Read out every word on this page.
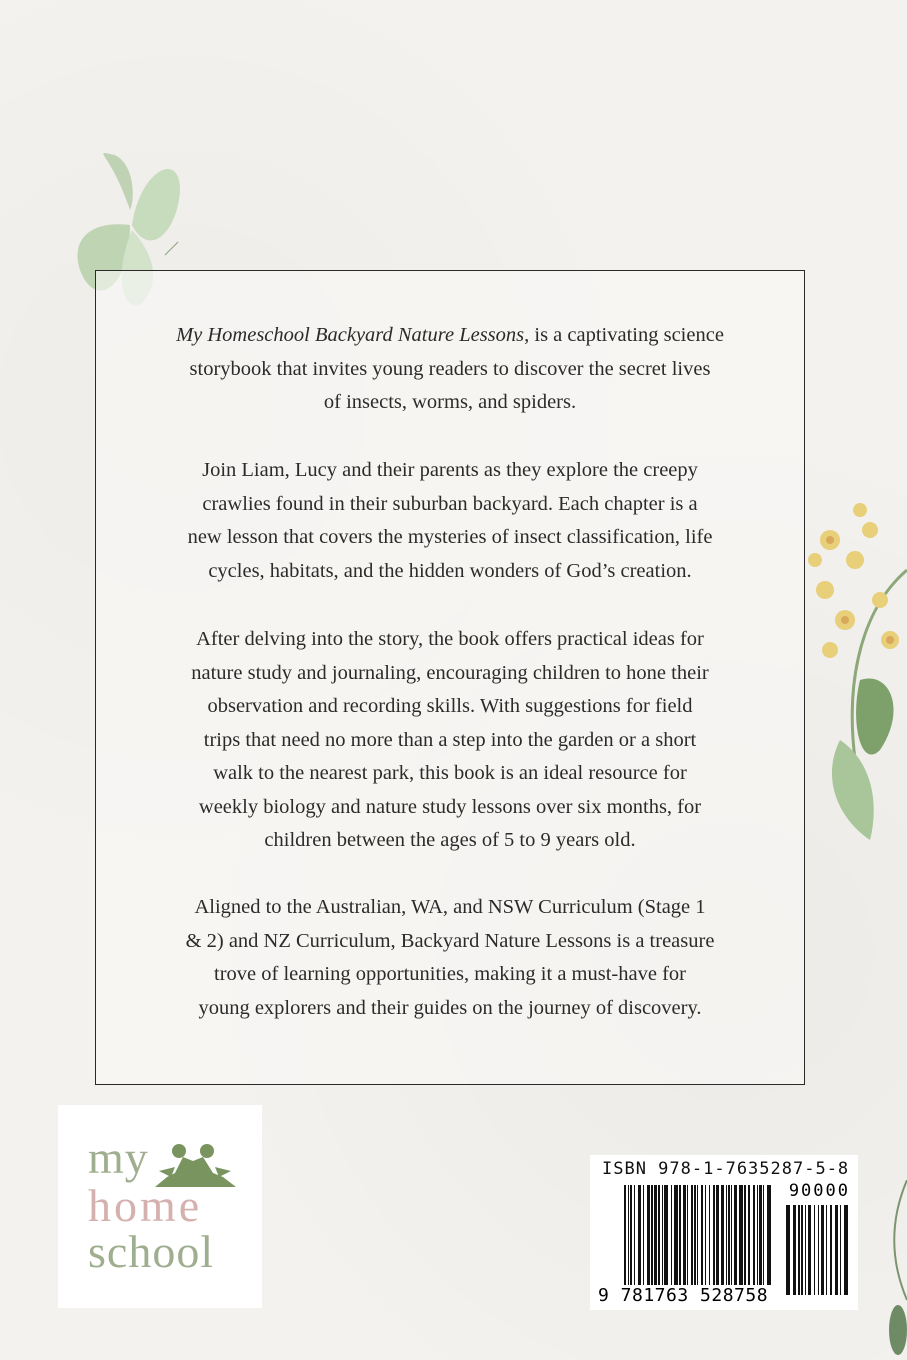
My Homeschool Backyard Nature Lessons, is a captivating science
storybook that invites young readers to discover the secret lives
of insects, worms, and spiders.
Join Liam, Lucy and their parents as they explore the creepy
crawlies found in their suburban backyard. Each chapter is a
new lesson that covers the mysteries of insect classification, life
cycles, habitats, and the hidden wonders of God’s creation.
After delving into the story, the book offers practical ideas for
nature study and journaling, encouraging children to hone their
observation and recording skills. With suggestions for field
trips that need no more than a step into the garden or a short
walk to the nearest park, this book is an ideal resource for
weekly biology and nature study lessons over six months, for
children between the ages of 5 to 9 years old.
Aligned to the Australian, WA, and NSW Curriculum (Stage 1
& 2) and NZ Curriculum, Backyard Nature Lessons is a treasure
trove of learning opportunities, making it a must-have for
young explorers and their guides on the journey of discovery.
my
home
school
ISBN 978-1-7635287-5-8
90000
9 781763 528758
